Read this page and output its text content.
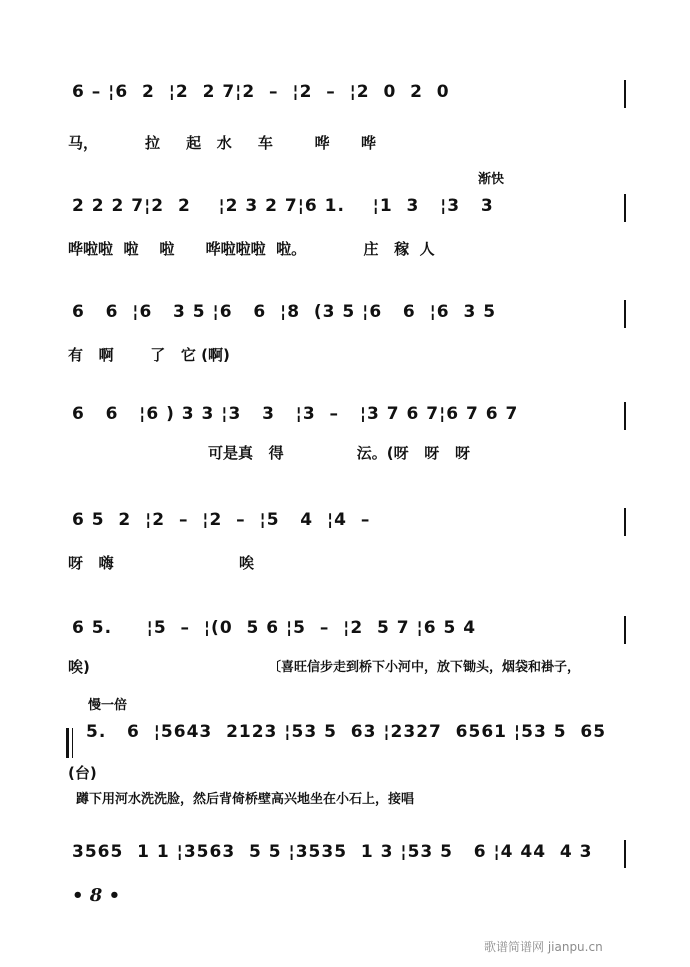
6 – ¦6  2  ¦2  2 7¦2  –  ¦2  –  ¦2  0  2  0
马，         拉     起   水     车        哗      哗
渐快
2 2 2 7¦2  2    ¦2 3 2 7¦6 1.    ¦1  3   ¦3   3
哗啦啦  啦    啦      哗啦啦啦  啦。           庄   稼  人
6   6  ¦6   3 5 ¦6   6  ¦8  (3 5 ¦6   6  ¦6  3 5
有   啊       了   它 (啊)
6   6   ¦6 ) 3 3 ¦3   3   ¦3  –   ¦3 7 6 7¦6 7 6 7
可是真   得              沄。(呀   呀   呀
6 5  2  ¦2  –  ¦2  –  ¦5   4  ¦4  –
呀   嗨                        唉
6 5.     ¦5  –  ¦(0  5 6 ¦5  –  ¦2  5 7 ¦6 5 4
唉)	〔喜旺信步走到桥下小河中，放下锄头，烟袋和褂子，
慢一倍
5.   6  ¦5643  2123 ¦53 5  63 ¦2327  6561 ¦53 5  65
(台)
蹲下用河水洗洗脸，然后背倚桥壁高兴地坐在小石上，接唱
3565  1 1 ¦3563  5 5 ¦3535  1 3 ¦53 5   6 ¦4 44  4 3
• 8 •
歌谱简谱网 jianpu.cn
